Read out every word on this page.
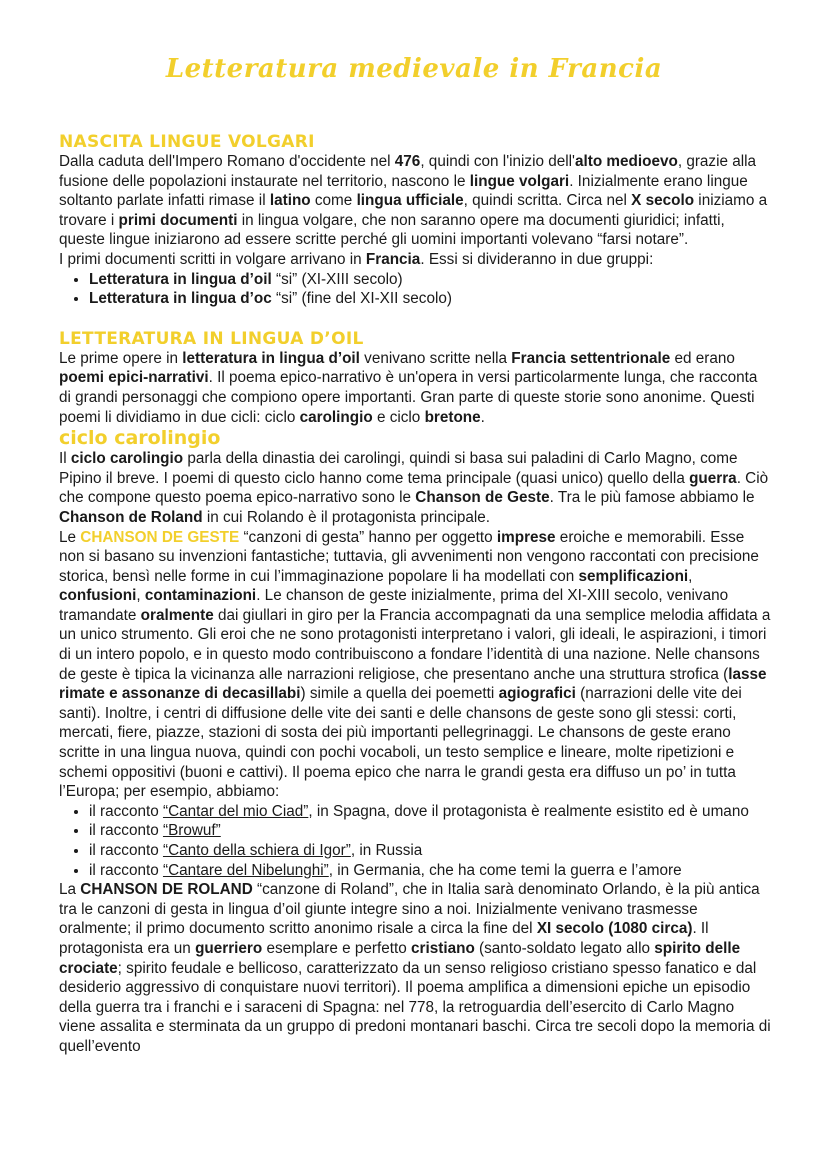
Letteratura medievale in Francia
NASCITA LINGUE VOLGARI

Dalla caduta dell'Impero Romano d'occidente nel 476, quindi con l'inizio dell'alto medioevo, grazie alla fusione delle popolazioni instaurate nel territorio, nascono le lingue volgari. Inizialmente erano lingue soltanto parlate infatti rimase il latino come lingua ufficiale, quindi scritta. Circa nel X secolo iniziamo a trovare i primi documenti in lingua volgare, che non saranno opere ma documenti giuridici; infatti, queste lingue iniziarono ad essere scritte perché gli uomini importanti volevano “farsi notare”.

I primi documenti scritti in volgare arrivano in Francia. Essi si divideranno in due gruppi:

• Letteratura in lingua d’oil “si” (XI-XIII secolo)
• Letteratura in lingua d’oc “si” (fine del XI-XII secolo)
LETTERATURA IN LINGUA D’OIL

Le prime opere in letteratura in lingua d’oil venivano scritte nella Francia settentrionale ed erano poemi epici-narrativi. Il poema epico-narrativo è un'opera in versi particolarmente lunga, che racconta di grandi personaggi che compiono opere importanti. Gran parte di queste storie sono anonime. Questi poemi li dividiamo in due cicli: ciclo carolingio e ciclo bretone.

ciclo carolingio

Il ciclo carolingio parla della dinastia dei carolingi, quindi si basa sui paladini di Carlo Magno, come Pipino il breve. I poemi di questo ciclo hanno come tema principale (quasi unico) quello della guerra. Ciò che compone questo poema epico-narrativo sono le Chanson de Geste. Tra le più famose abbiamo le Chanson de Roland in cui Rolando è il protagonista principale.

Le CHANSON DE GESTE “canzoni di gesta” hanno per oggetto imprese eroiche e memorabili. Esse non si basano su invenzioni fantastiche; tuttavia, gli avvenimenti non vengono raccontati con precisione storica, bensì nelle forme in cui l’immaginazione popolare li ha modellati con semplificazioni, confusioni, contaminazioni. Le chanson de geste inizialmente, prima del XI-XIII secolo, venivano tramandate oralmente dai giullari in giro per la Francia accompagnati da una semplice melodia affidata a un unico strumento. Gli eroi che ne sono protagonisti interpretano i valori, gli ideali, le aspirazioni, i timori di un intero popolo, e in questo modo contribuiscono a fondare l’identità di una nazione. Nelle chansons de geste è tipica la vicinanza alle narrazioni religiose, che presentano anche una struttura strofica (lasse rimate e assonanze di decasillabi) simile a quella dei poemetti agiografici (narrazioni delle vite dei santi). Inoltre, i centri di diffusione delle vite dei santi e delle chansons de geste sono gli stessi: corti, mercati, fiere, piazze, stazioni di sosta dei più importanti pellegrinaggi. Le chansons de geste erano scritte in una lingua nuova, quindi con pochi vocaboli, un testo semplice e lineare, molte ripetizioni e schemi oppositivi (buoni e cattivi). Il poema epico che narra le grandi gesta era diffuso un po’ in tutta l’Europa; per esempio, abbiamo:

• il racconto “Cantar del mio Ciad”, in Spagna, dove il protagonista è realmente esistito ed è umano
• il racconto “Browuf”
• il racconto “Canto della schiera di Igor”, in Russia
• il racconto “Cantare del Nibelunghi”, in Germania, che ha come temi la guerra e l’amore

La CHANSON DE ROLAND “canzone di Roland”, che in Italia sarà denominato Orlando, è la più antica tra le canzoni di gesta in lingua d’oil giunte integre sino a noi. Inizialmente venivano trasmesse oralmente; il primo documento scritto anonimo risale a circa la fine del XI secolo (1080 circa). Il protagonista era un guerriero esemplare e perfetto cristiano (santo-soldato legato allo spirito delle crociate; spirito feudale e bellicoso, caratterizzato da un senso religioso cristiano spesso fanatico e dal desiderio aggressivo di conquistare nuovi territori). Il poema amplifica a dimensioni epiche un episodio della guerra tra i franchi e i saraceni di Spagna: nel 778, la retroguardia dell’esercito di Carlo Magno viene assalita e sterminata da un gruppo di predoni montanari baschi. Circa tre secoli dopo la memoria di quell’evento
